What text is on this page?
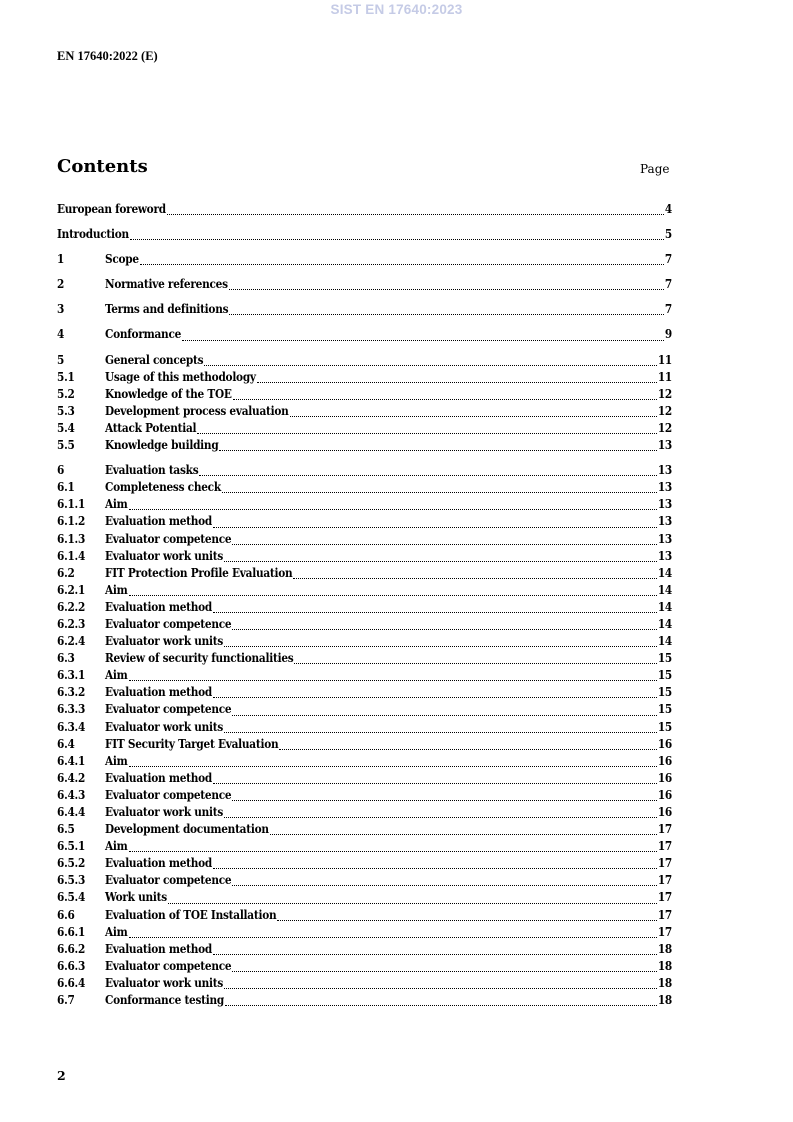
SIST EN 17640:2023
EN 17640:2022 (E)
Contents	Page
European foreword	4
Introduction	5
1	Scope	7
2	Normative references	7
3	Terms and definitions	7
4	Conformance	9
5	General concepts	11
5.1	Usage of this methodology	11
5.2	Knowledge of the TOE	12
5.3	Development process evaluation	12
5.4	Attack Potential	12
5.5	Knowledge building	13
6	Evaluation tasks	13
6.1	Completeness check	13
6.1.1	Aim	13
6.1.2	Evaluation method	13
6.1.3	Evaluator competence	13
6.1.4	Evaluator work units	13
6.2	FIT Protection Profile Evaluation	14
6.2.1	Aim	14
6.2.2	Evaluation method	14
6.2.3	Evaluator competence	14
6.2.4	Evaluator work units	14
6.3	Review of security functionalities	15
6.3.1	Aim	15
6.3.2	Evaluation method	15
6.3.3	Evaluator competence	15
6.3.4	Evaluator work units	15
6.4	FIT Security Target Evaluation	16
6.4.1	Aim	16
6.4.2	Evaluation method	16
6.4.3	Evaluator competence	16
6.4.4	Evaluator work units	16
6.5	Development documentation	17
6.5.1	Aim	17
6.5.2	Evaluation method	17
6.5.3	Evaluator competence	17
6.5.4	Work units	17
6.6	Evaluation of TOE Installation	17
6.6.1	Aim	17
6.6.2	Evaluation method	18
6.6.3	Evaluator competence	18
6.6.4	Evaluator work units	18
6.7	Conformance testing	18
2
